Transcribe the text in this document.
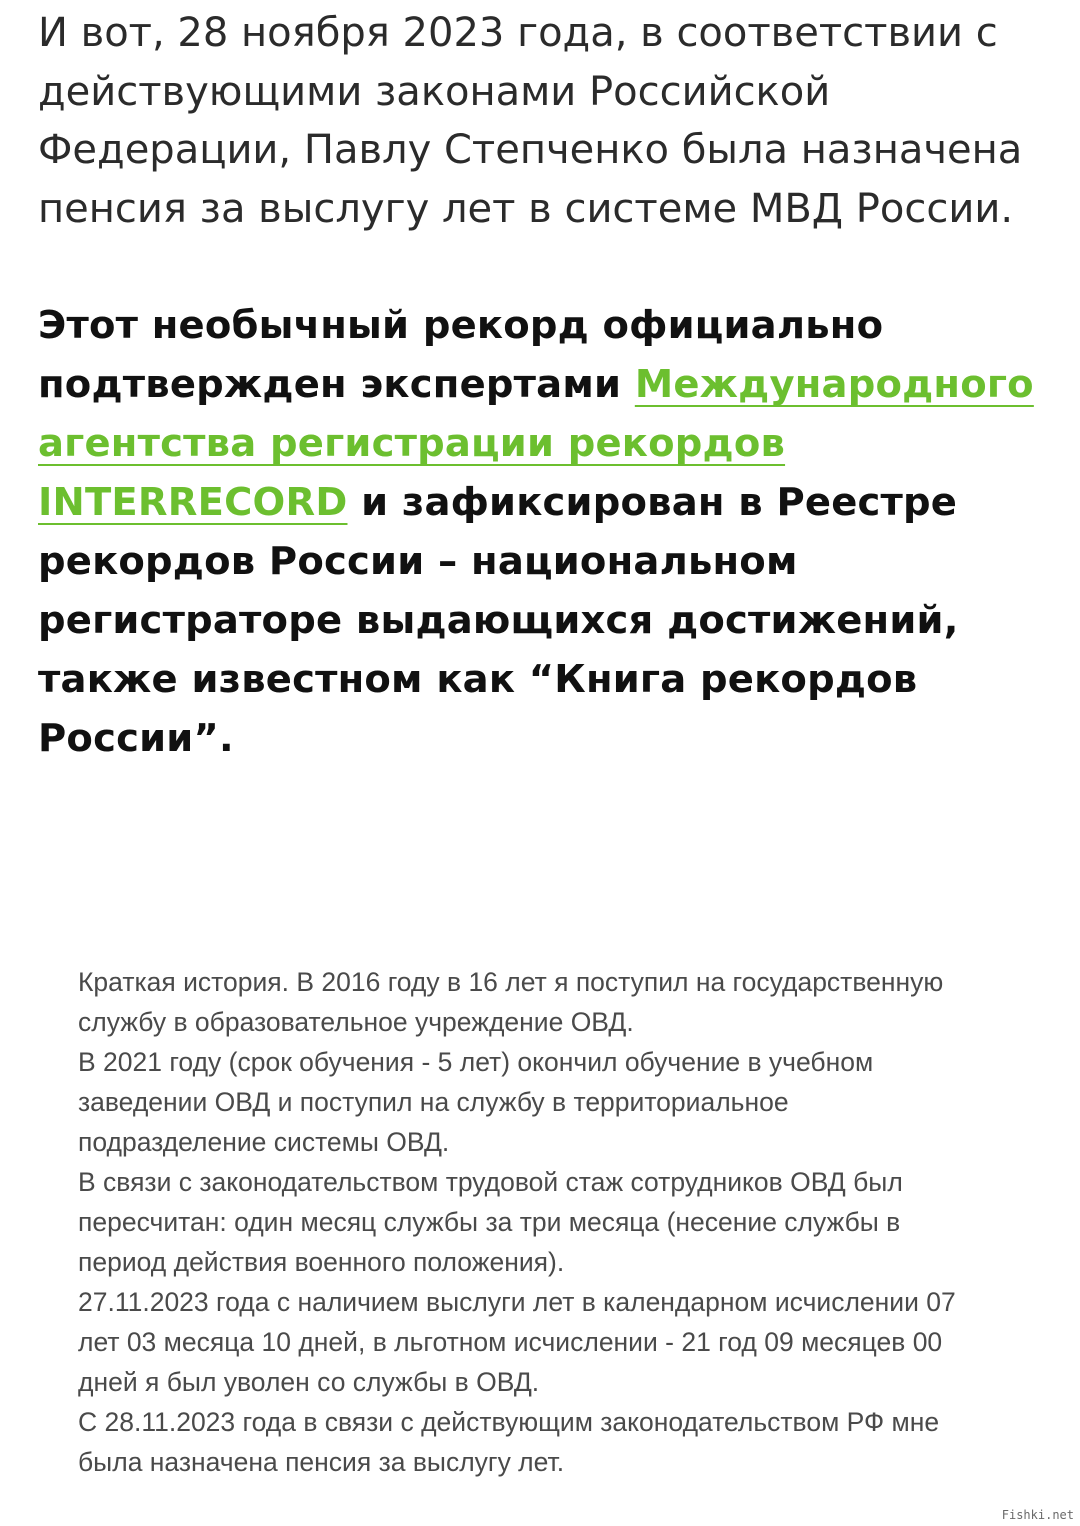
И вот, 28 ноября 2023 года, в соответствии с действующими законами Российской Федерации, Павлу Степченко была назначена пенсия за выслугу лет в системе МВД России.

Этот необычный рекорд официально подтвержден экспертами Международного агентства регистрации рекордов INTERRECORD и зафиксирован в Реестре рекордов России – национальном регистраторе выдающихся достижений, также известном как “Книга рекордов России”.

Краткая история. В 2016 году в 16 лет я поступил на государственную

службу в образовательное учреждение ОВД.

В 2021 году (срок обучения - 5 лет) окончил обучение в учебном

заведении ОВД и поступил на службу в территориальное

подразделение системы ОВД.

В связи с законодательством трудовой стаж сотрудников ОВД был

пересчитан: один месяц службы за три месяца (несение службы в

период действия военного положения).

27.11.2023 года с наличием выслуги лет в календарном исчислении 07

лет 03 месяца 10 дней, в льготном исчислении - 21 год 09 месяцев 00

дней я был уволен со службы в ОВД.

С 28.11.2023 года в связи с действующим законодательством РФ мне

была назначена пенсия за выслугу лет.

Fishki.net
